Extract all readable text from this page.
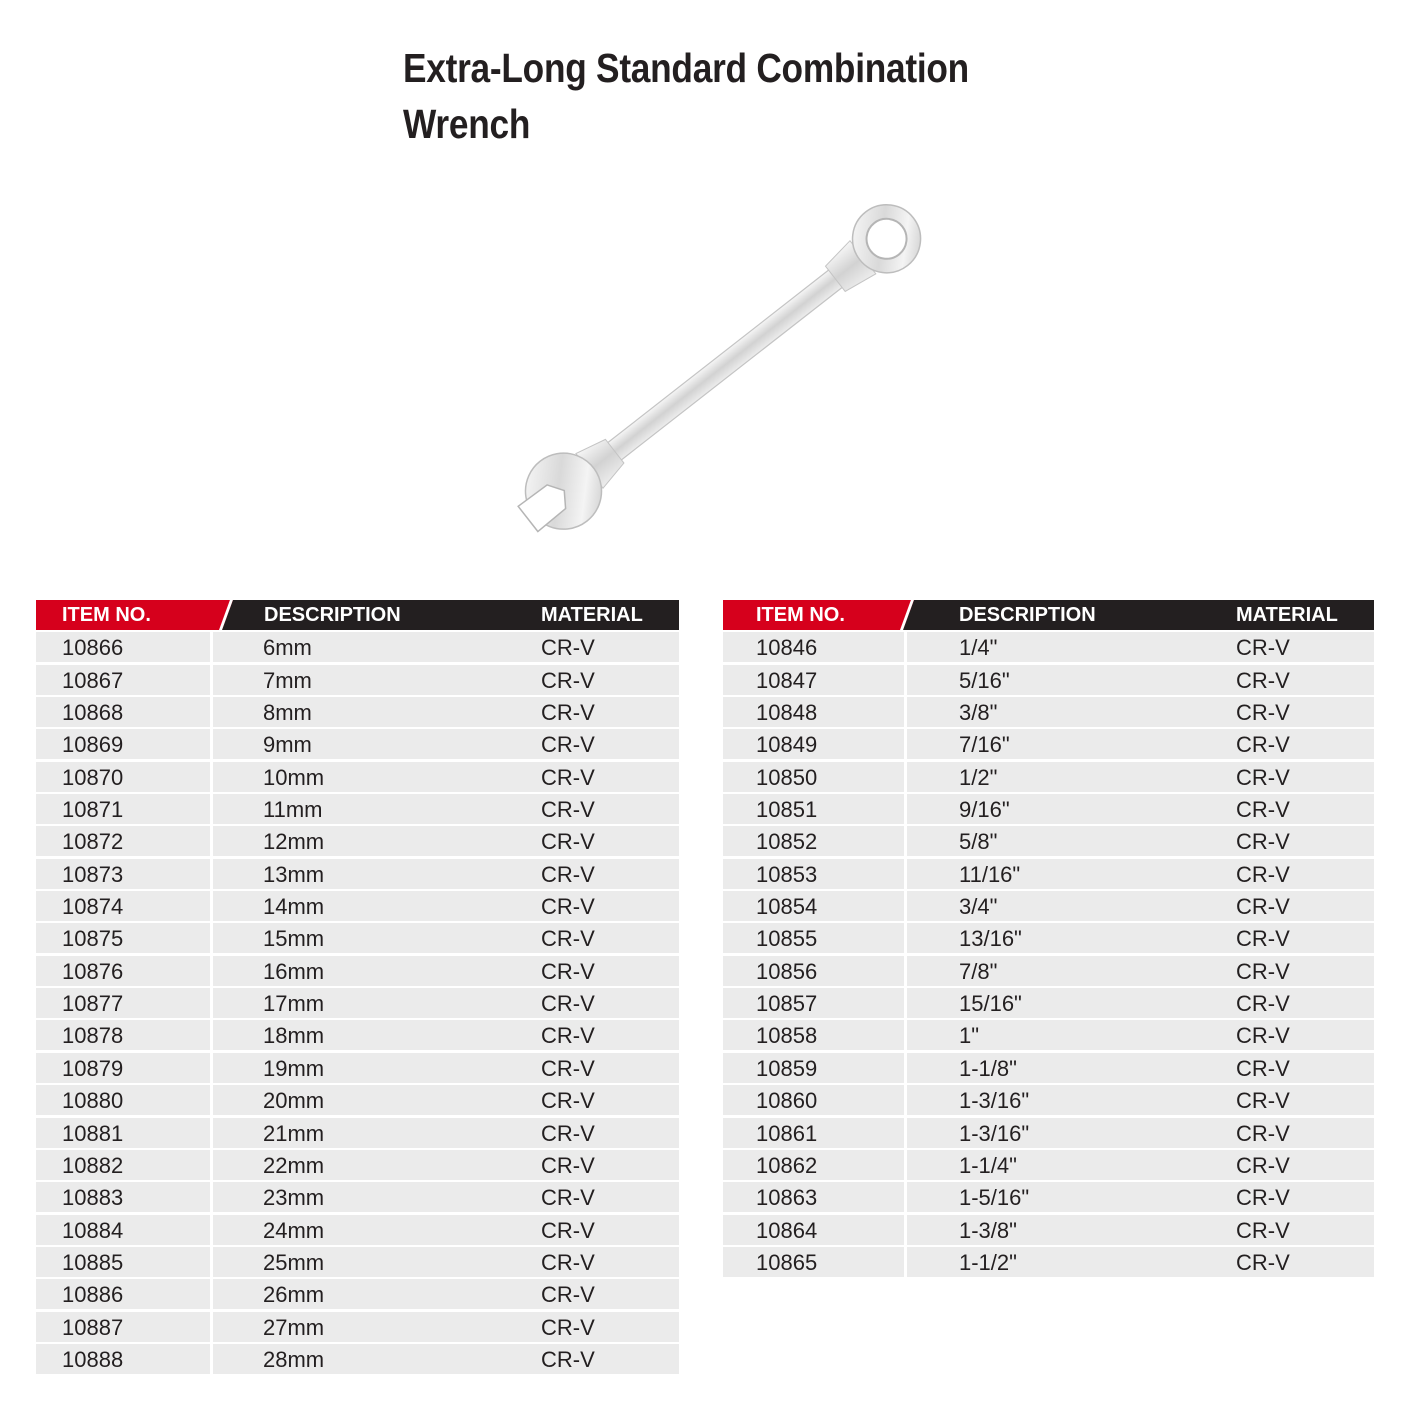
Extra-Long Standard Combination
Wrench
ITEM NO.	DESCRIPTION	MATERIAL
10866	6mm	CR-V
10867	7mm	CR-V
10868	8mm	CR-V
10869	9mm	CR-V
10870	10mm	CR-V
10871	11mm	CR-V
10872	12mm	CR-V
10873	13mm	CR-V
10874	14mm	CR-V
10875	15mm	CR-V
10876	16mm	CR-V
10877	17mm	CR-V
10878	18mm	CR-V
10879	19mm	CR-V
10880	20mm	CR-V
10881	21mm	CR-V
10882	22mm	CR-V
10883	23mm	CR-V
10884	24mm	CR-V
10885	25mm	CR-V
10886	26mm	CR-V
10887	27mm	CR-V
10888	28mm	CR-V
ITEM NO.	DESCRIPTION	MATERIAL
10846	1/4"	CR-V
10847	5/16"	CR-V
10848	3/8"	CR-V
10849	7/16"	CR-V
10850	1/2"	CR-V
10851	9/16"	CR-V
10852	5/8"	CR-V
10853	11/16"	CR-V
10854	3/4"	CR-V
10855	13/16"	CR-V
10856	7/8"	CR-V
10857	15/16"	CR-V
10858	1"	CR-V
10859	1-1/8"	CR-V
10860	1-3/16"	CR-V
10861	1-3/16"	CR-V
10862	1-1/4"	CR-V
10863	1-5/16"	CR-V
10864	1-3/8"	CR-V
10865	1-1/2"	CR-V
